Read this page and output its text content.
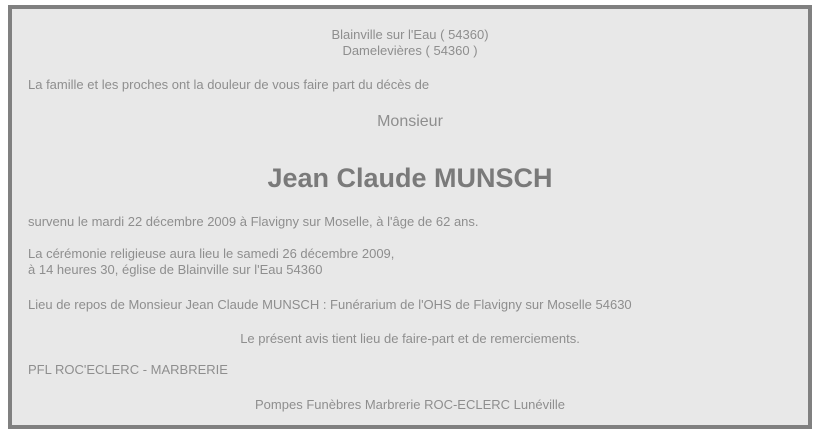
Blainville sur l'Eau ( 54360)
Damelevières ( 54360 )
La famille et les proches ont la douleur de vous faire part du décès de
Monsieur
Jean Claude MUNSCH
survenu le mardi 22 décembre 2009 à Flavigny sur Moselle, à l'âge de 62 ans.
La cérémonie religieuse aura lieu le samedi 26 décembre 2009,
à 14 heures 30, église de Blainville sur l'Eau 54360
Lieu de repos de Monsieur Jean Claude MUNSCH : Funérarium de l'OHS de Flavigny sur Moselle 54630
Le présent avis tient lieu de faire-part et de remerciements.
PFL ROC'ECLERC - MARBRERIE
Pompes Funèbres Marbrerie ROC-ECLERC Lunéville
